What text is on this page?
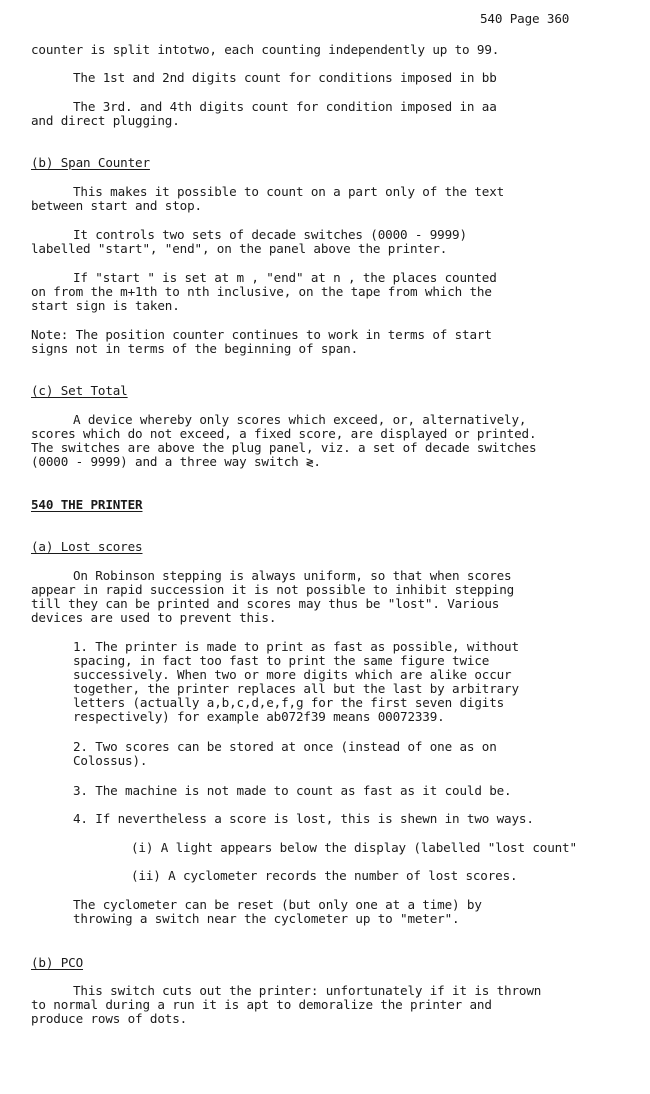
540 Page 360
counter is split intotwo, each counting independently up to 99.
The 1st and 2nd digits count for conditions imposed in bb
The 3rd. and 4th digits count for condition imposed in aa
and direct plugging.
(b) Span Counter
This makes it possible to count on a part only of the text
between start and stop.
It controls two sets of decade switches (0000 - 9999)
labelled "start", "end", on the panel above the printer.
If "start " is set at m , "end" at n , the places counted
on from the m+1th to nth inclusive, on the tape from which the
start sign is taken.
Note: The position counter continues to work in terms of start
signs not in terms of the beginning of span.
(c) Set Total
A device whereby only scores which exceed, or, alternatively,
scores which do not exceed, a fixed score, are displayed or printed.
The switches are above the plug panel, viz. a set of decade switches
(0000 - 9999) and a three way switch ≷.
540 THE PRINTER
(a) Lost scores
On Robinson stepping is always uniform, so that when scores
appear in rapid succession it is not possible to inhibit stepping
till they can be printed and scores may thus be "lost". Various
devices are used to prevent this.
1. The printer is made to print as fast as possible, without
spacing, in fact too fast to print the same figure twice
successively. When two or more digits which are alike occur
together, the printer replaces all but the last by arbitrary
letters (actually a,b,c,d,e,f,g for the first seven digits
respectively) for example ab072f39 means 00072339.
2. Two scores can be stored at once (instead of one as on
Colossus).
3. The machine is not made to count as fast as it could be.
4. If nevertheless a score is lost, this is shewn in two ways.
(i) A light appears below the display (labelled "lost count"
(ii) A cyclometer records the number of lost scores.
The cyclometer can be reset (but only one at a time) by
throwing a switch near the cyclometer up to "meter".
(b) PCO
This switch cuts out the printer: unfortunately if it is thrown
to normal during a run it is apt to demoralize the printer and
produce rows of dots.
